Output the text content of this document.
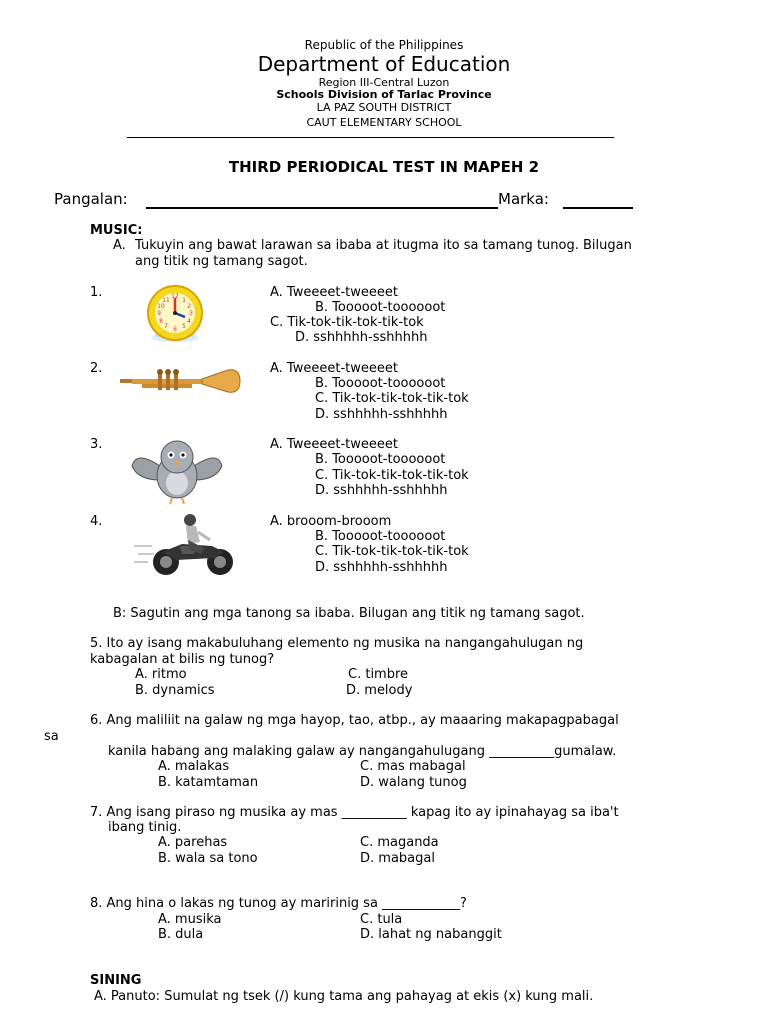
Republic of the Philippines
Department of Education
Region III-Central Luzon
Schools Division of Tarlac Province
LA PAZ SOUTH DISTRICT
CAUT ELEMENTARY SCHOOL
THIRD PERIODICAL TEST IN MAPEH 2
Pangalan:	Marka:
MUSIC:
A. Tukuyin ang bawat larawan sa ibaba at itugma ito sa tamang tunog. Bilugan
ang titik ng tamang sagot.
1.	12
3
6
9
1
2
4
5
7
8
10
11
A. Tweeeet-tweeeet
B. Tooooot-toooooot
C. Tik-tok-tik-tok-tik-tok
D. sshhhhh-sshhhhh
2.	A. Tweeeet-tweeeet
B. Tooooot-toooooot
C. Tik-tok-tik-tok-tik-tok
D. sshhhhh-sshhhhh
3.	A. Tweeeet-tweeeet
B. Tooooot-toooooot
C. Tik-tok-tik-tok-tik-tok
D. sshhhhh-sshhhhh
4.	A. brooom-brooom
B. Tooooot-toooooot
C. Tik-tok-tik-tok-tik-tok
D. sshhhhh-sshhhhh
B: Sagutin ang mga tanong sa ibaba. Bilugan ang titik ng tamang sagot.
5. Ito ay isang makabuluhang elemento ng musika na nangangahulugan ng
kabagalan at bilis ng tunog?
A. ritmo	C. timbre
B. dynamics	D. melody
6. Ang maliliit na galaw ng mga hayop, tao, atbp., ay maaaring makapagpabagal
sa
kanila habang ang malaking galaw ay nangangahulugang __________gumalaw.
A. malakas	C. mas mabagal
B. katamtaman	D. walang tunog
7. Ang isang piraso ng musika ay mas __________ kapag ito ay ipinahayag sa iba't
ibang tinig.
A. parehas	C. maganda
B. wala sa tono	D. mabagal
8. Ang hina o lakas ng tunog ay maririnig sa ____________?
A. musika	C. tula
B. dula	D. lahat ng nabanggit
SINING
A. Panuto: Sumulat ng tsek (/) kung tama ang pahayag at ekis (x) kung mali.
